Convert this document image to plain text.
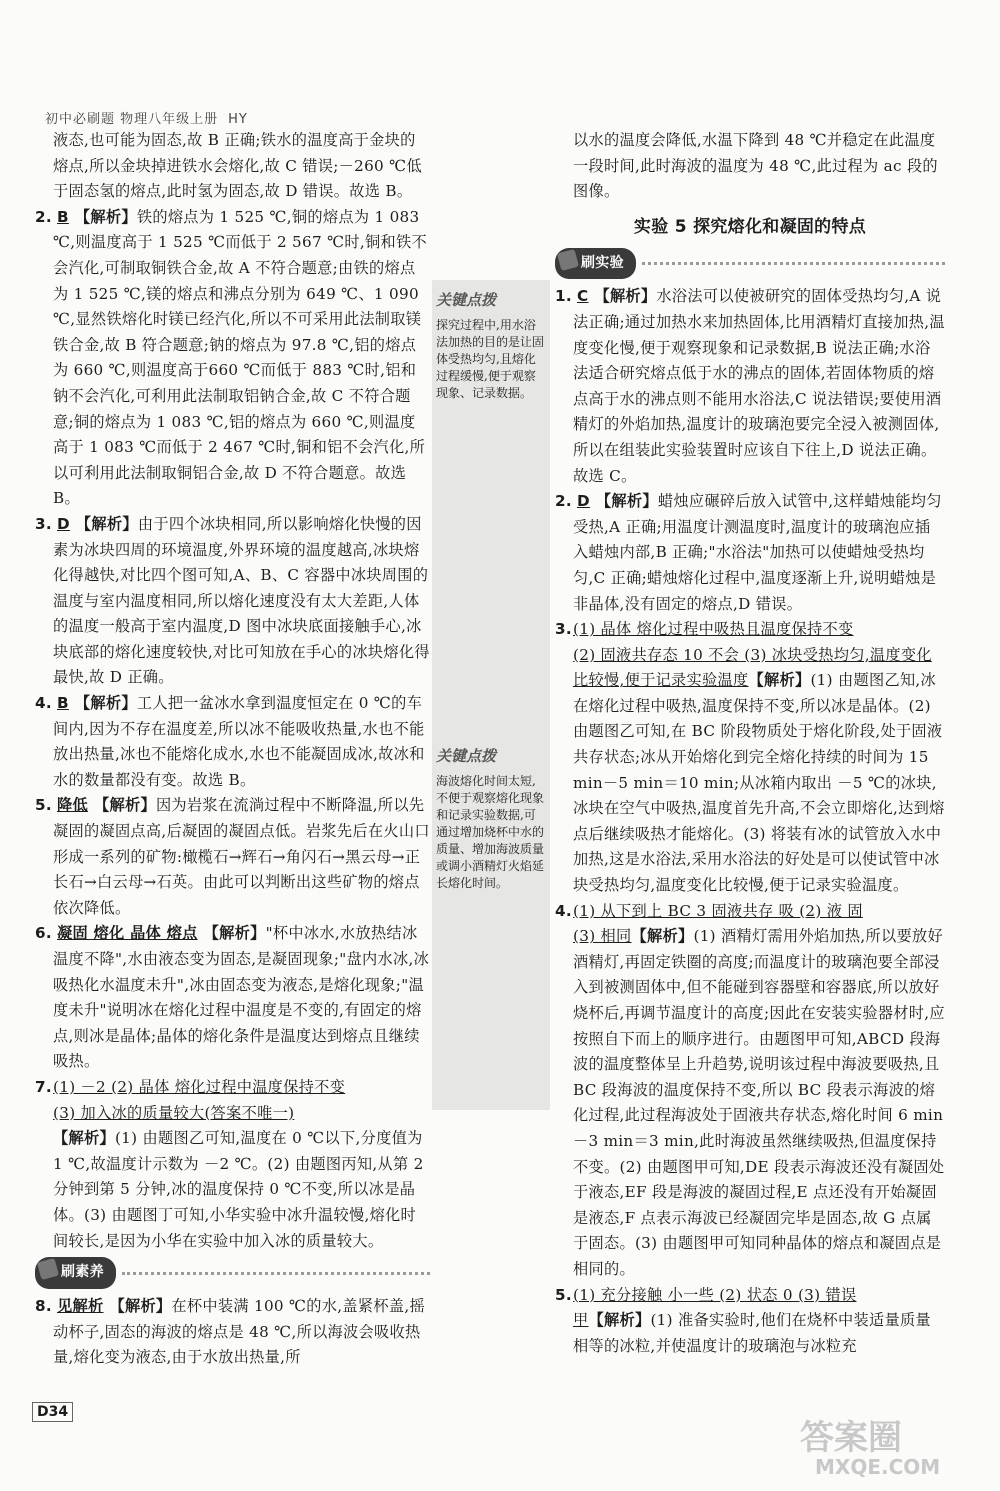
初中必刷题 物理八年级上册 HY

液态,也可能为固态,故 B 正确;铁水的温度高于金块的熔点,所以金块掉进铁水会熔化,故 C 错误;－260 ℃低于固态氢的熔点,此时氢为固态,故 D 错误。故选 B。

2. B 【解析】铁的熔点为 1 525 ℃,铜的熔点为 1 083 ℃,则温度高于 1 525 ℃而低于 2 567 ℃时,铜和铁不会汽化,可制取铜铁合金,故 A 不符合题意;由铁的熔点为 1 525 ℃,镁的熔点和沸点分别为 649 ℃、1 090 ℃,显然铁熔化时镁已经汽化,所以不可采用此法制取镁铁合金,故 B 符合题意;钠的熔点为 97.8 ℃,铝的熔点为 660 ℃,则温度高于660 ℃而低于 883 ℃时,铝和钠不会汽化,可利用此法制取铝钠合金,故 C 不符合题意;铜的熔点为 1 083 ℃,铝的熔点为 660 ℃,则温度高于 1 083 ℃而低于 2 467 ℃时,铜和铝不会汽化,所以可利用此法制取铜铝合金,故 D 不符合题意。故选 B。

3. D 【解析】由于四个冰块相同,所以影响熔化快慢的因素为冰块四周的环境温度,外界环境的温度越高,冰块熔化得越快,对比四个图可知,A、B、C 容器中冰块周围的温度与室内温度相同,所以熔化速度没有太大差距,人体的温度一般高于室内温度,D 图中冰块底面接触手心,冰块底部的熔化速度较快,对比可知放在手心的冰块熔化得最快,故 D 正确。

4. B 【解析】工人把一盆冰水拿到温度恒定在 0 ℃的车间内,因为不存在温度差,所以冰不能吸收热量,水也不能放出热量,冰也不能熔化成水,水也不能凝固成冰,故冰和水的数量都没有变。故选 B。

5. 降低 【解析】因为岩浆在流淌过程中不断降温,所以先凝固的凝固点高,后凝固的凝固点低。岩浆先后在火山口形成一系列的矿物:橄榄石→辉石→角闪石→黑云母→正长石→白云母→石英。由此可以判断出这些矿物的熔点依次降低。

6. 凝固 熔化 晶体 熔点 【解析】"杯中冰水,水放热结冰温度不降",水由液态变为固态,是凝固现象;"盘内水冰,冰吸热化水温度未升",冰由固态变为液态,是熔化现象;"温度未升"说明冰在熔化过程中温度是不变的,有固定的熔点,则冰是晶体;晶体的熔化条件是温度达到熔点且继续吸热。

7. (1) －2 (2) 晶体 熔化过程中温度保持不变
(3) 加入冰的质量较大(答案不唯一)
【解析】(1) 由题图乙可知,温度在 0 ℃以下,分度值为1 ℃,故温度计示数为 －2 ℃。(2) 由题图丙知,从第 2 分钟到第 5 分钟,冰的温度保持 0 ℃不变,所以冰是晶体。(3) 由题图丁可知,小华实验中冰升温较慢,熔化时间较长,是因为小华在实验中加入冰的质量较大。

刷素养

8. 见解析 【解析】在杯中装满 100 ℃的水,盖紧杯盖,摇动杯子,固态的海波的熔点是 48 ℃,所以海波会吸收热量,熔化变为液态,由于水放出热量,所

关键点拨
探究过程中,用水浴法加热的目的是让固体受热均匀,且熔化过程缓慢,便于观察现象、记录数据。
关键点拨
海波熔化时间太短,不便于观察熔化现象和记录实验数据,可通过增加烧杯中水的质量、增加海波质量或调小酒精灯火焰延长熔化时间。

以水的温度会降低,水温下降到 48 ℃并稳定在此温度一段时间,此时海波的温度为 48 ℃,此过程为 ac 段的图像。

实验 5 探究熔化和凝固的特点
刷实验

1. C 【解析】水浴法可以使被研究的固体受热均匀,A 说法正确;通过加热水来加热固体,比用酒精灯直接加热,温度变化慢,便于观察现象和记录数据,B 说法正确;水浴法适合研究熔点低于水的沸点的固体,若固体物质的熔点高于水的沸点则不能用水浴法,C 说法错误;要使用酒精灯的外焰加热,温度计的玻璃泡要完全浸入被测固体,所以在组装此实验装置时应该自下往上,D 说法正确。故选 C。

2. D 【解析】蜡烛应碾碎后放入试管中,这样蜡烛能均匀受热,A 正确;用温度计测温度时,温度计的玻璃泡应插入蜡烛内部,B 正确;"水浴法"加热可以使蜡烛受热均匀,C 正确;蜡烛熔化过程中,温度逐渐上升,说明蜡烛是非晶体,没有固定的熔点,D 错误。

3. (1) 晶体 熔化过程中吸热且温度保持不变
(2) 固液共存态 10 不会 (3) 冰块受热均匀,温度变化比较慢,便于记录实验温度【解析】(1) 由题图乙知,冰在熔化过程中吸热,温度保持不变,所以冰是晶体。(2) 由题图乙可知,在 BC 阶段物质处于熔化阶段,处于固液共存状态;冰从开始熔化到完全熔化持续的时间为 15 min－5 min＝10 min;从冰箱内取出 －5 ℃的冰块,冰块在空气中吸热,温度首先升高,不会立即熔化,达到熔点后继续吸热才能熔化。(3) 将装有冰的试管放入水中加热,这是水浴法,采用水浴法的好处是可以使试管中冰块受热均匀,温度变化比较慢,便于记录实验温度。

4. (1) 从下到上 BC 3 固液共存 吸 (2) 液 固
(3) 相同【解析】(1) 酒精灯需用外焰加热,所以要放好酒精灯,再固定铁圈的高度;而温度计的玻璃泡要全部浸入到被测固体中,但不能碰到容器壁和容器底,所以放好烧杯后,再调节温度计的高度;因此在安装实验器材时,应按照自下而上的顺序进行。由题图甲可知,ABCD 段海波的温度整体呈上升趋势,说明该过程中海波要吸热,且 BC 段海波的温度保持不变,所以 BC 段表示海波的熔化过程,此过程海波处于固液共存状态,熔化时间 6 min－3 min＝3 min,此时海波虽然继续吸热,但温度保持不变。(2) 由题图甲可知,DE 段表示海波还没有凝固处于液态,EF 段是海波的凝固过程,E 点还没有开始凝固是液态,F 点表示海波已经凝固完毕是固态,故 G 点属于固态。(3) 由题图甲可知同种晶体的熔点和凝固点是相同的。

5. (1) 充分接触 小一些 (2) 状态 0 (3) 错误
甲【解析】(1) 准备实验时,他们在烧杯中装适量质量相等的冰粒,并使温度计的玻璃泡与冰粒充

D34
答案圈
MXQE.COM
